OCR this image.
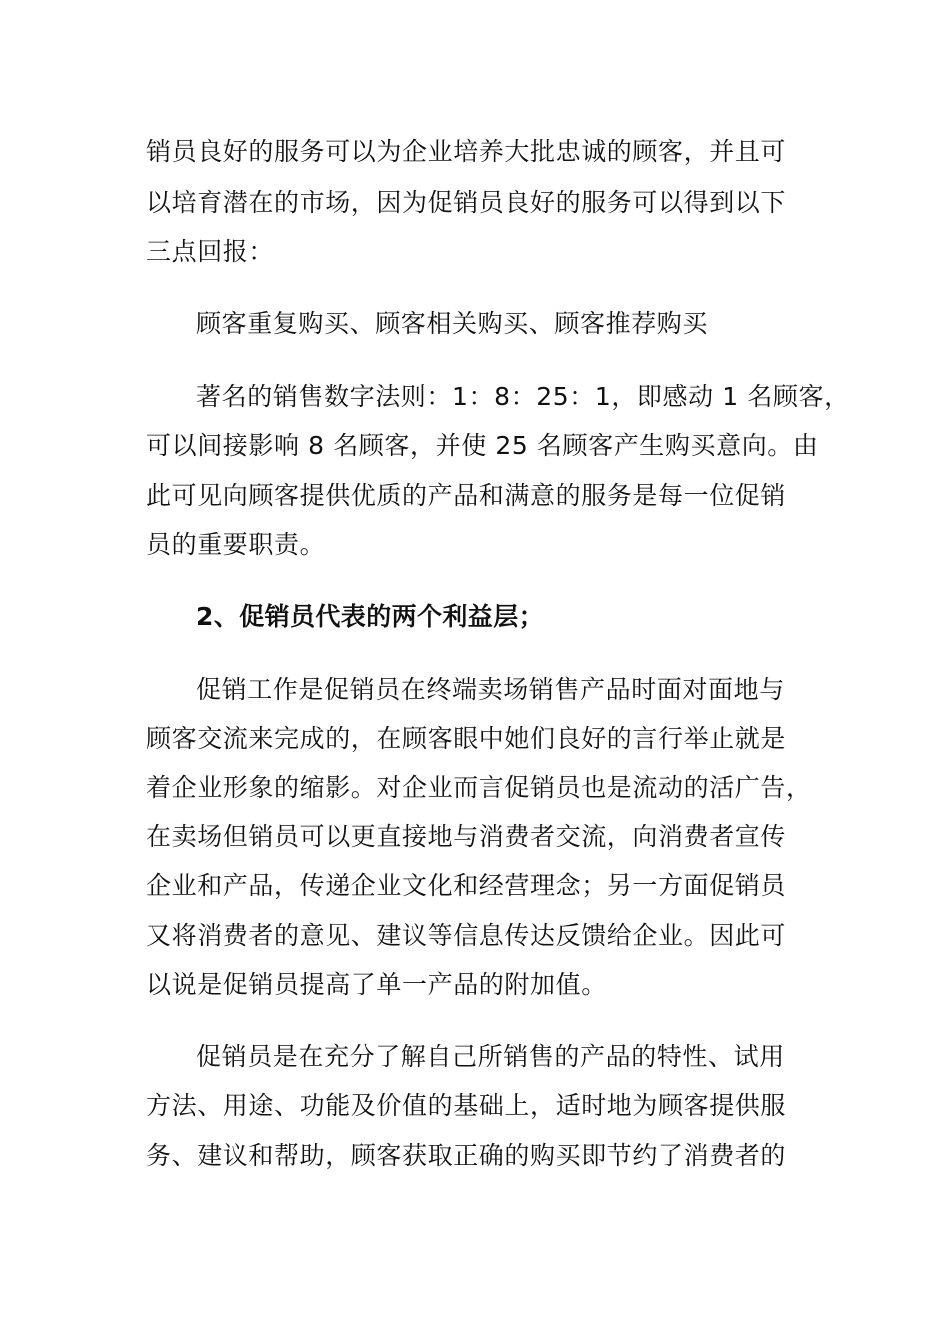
销员良好的服务可以为企业培养大批忠诚的顾客，并且可
以培育潜在的市场，因为促销员良好的服务可以得到以下
三点回报：
顾客重复购买、顾客相关购买、顾客推荐购买
著名的销售数字法则：1：8：25：1，即感动 1 名顾客，
可以间接影响 8 名顾客，并使 25 名顾客产生购买意向。由
此可见向顾客提供优质的产品和满意的服务是每一位促销
员的重要职责。
2、促销员代表的两个利益层；
促销工作是促销员在终端卖场销售产品时面对面地与
顾客交流来完成的，在顾客眼中她们良好的言行举止就是
着企业形象的缩影。对企业而言促销员也是流动的活广告，
在卖场但销员可以更直接地与消费者交流，向消费者宣传
企业和产品，传递企业文化和经营理念；另一方面促销员
又将消费者的意见、建议等信息传达反馈给企业。因此可
以说是促销员提高了单一产品的附加值。
促销员是在充分了解自己所销售的产品的特性、试用
方法、用途、功能及价值的基础上，适时地为顾客提供服
务、建议和帮助，顾客获取正确的购买即节约了消费者的
